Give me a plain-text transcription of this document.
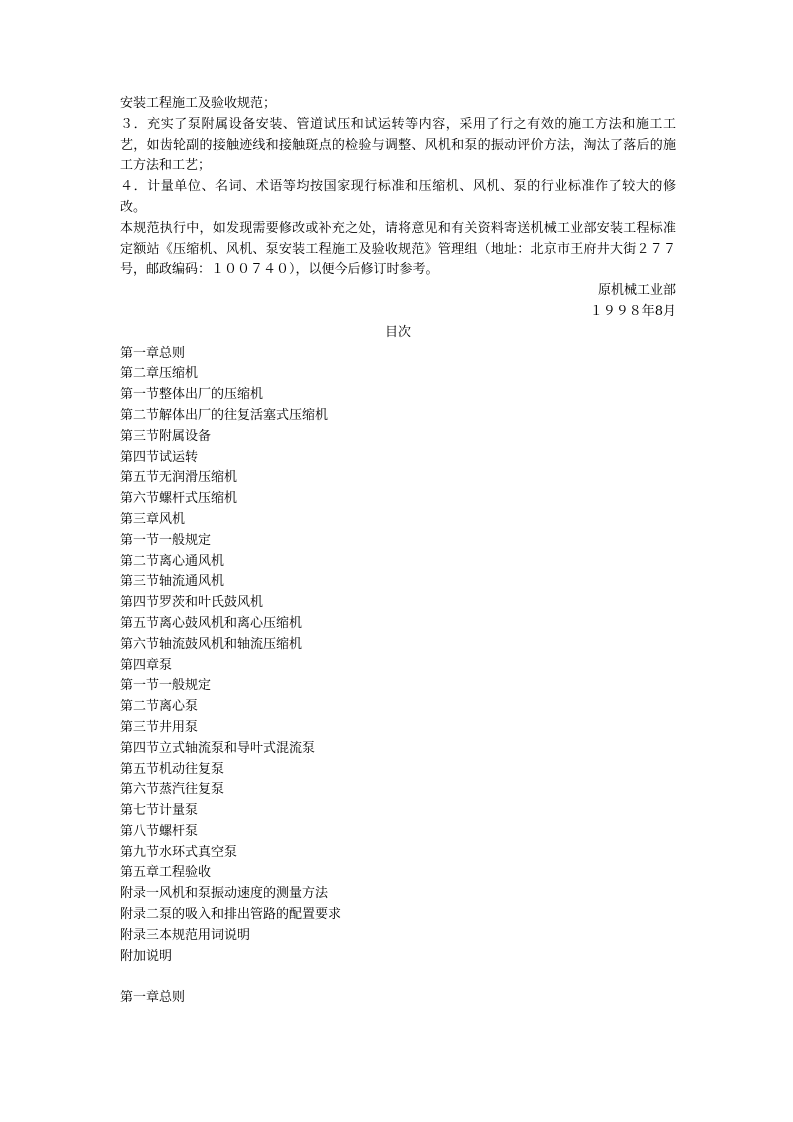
安装工程施工及验收规范；

３．充实了泵附属设备安装、管道试压和试运转等内容，采用了行之有效的施工方法和施工工艺，如齿轮副的接触迹线和接触斑点的检验与调整、风机和泵的振动评价方法，淘汰了落后的施工方法和工艺；

４．计量单位、名词、术语等均按国家现行标准和压缩机、风机、泵的行业标准作了较大的修改。

本规范执行中，如发现需要修改或补充之处，请将意见和有关资料寄送机械工业部安装工程标准定额站《压缩机、风机、泵安装工程施工及验收规范》管理组（地址：北京市王府井大街２７７号，邮政编码：１００７４０），以便今后修订时参考。

原机械工业部

１９９８年8月

目次

第一章总则

第二章压缩机

第一节整体出厂的压缩机

第二节解体出厂的往复活塞式压缩机

第三节附属设备

第四节试运转

第五节无润滑压缩机

第六节螺杆式压缩机

第三章风机

第一节一般规定

第二节离心通风机

第三节轴流通风机

第四节罗茨和叶氏鼓风机

第五节离心鼓风机和离心压缩机

第六节轴流鼓风机和轴流压缩机

第四章泵

第一节一般规定

第二节离心泵

第三节井用泵

第四节立式轴流泵和导叶式混流泵

第五节机动往复泵

第六节蒸汽往复泵

第七节计量泵

第八节螺杆泵

第九节水环式真空泵

第五章工程验收

附录一风机和泵振动速度的测量方法

附录二泵的吸入和排出管路的配置要求

附录三本规范用词说明

附加说明

第一章总则
